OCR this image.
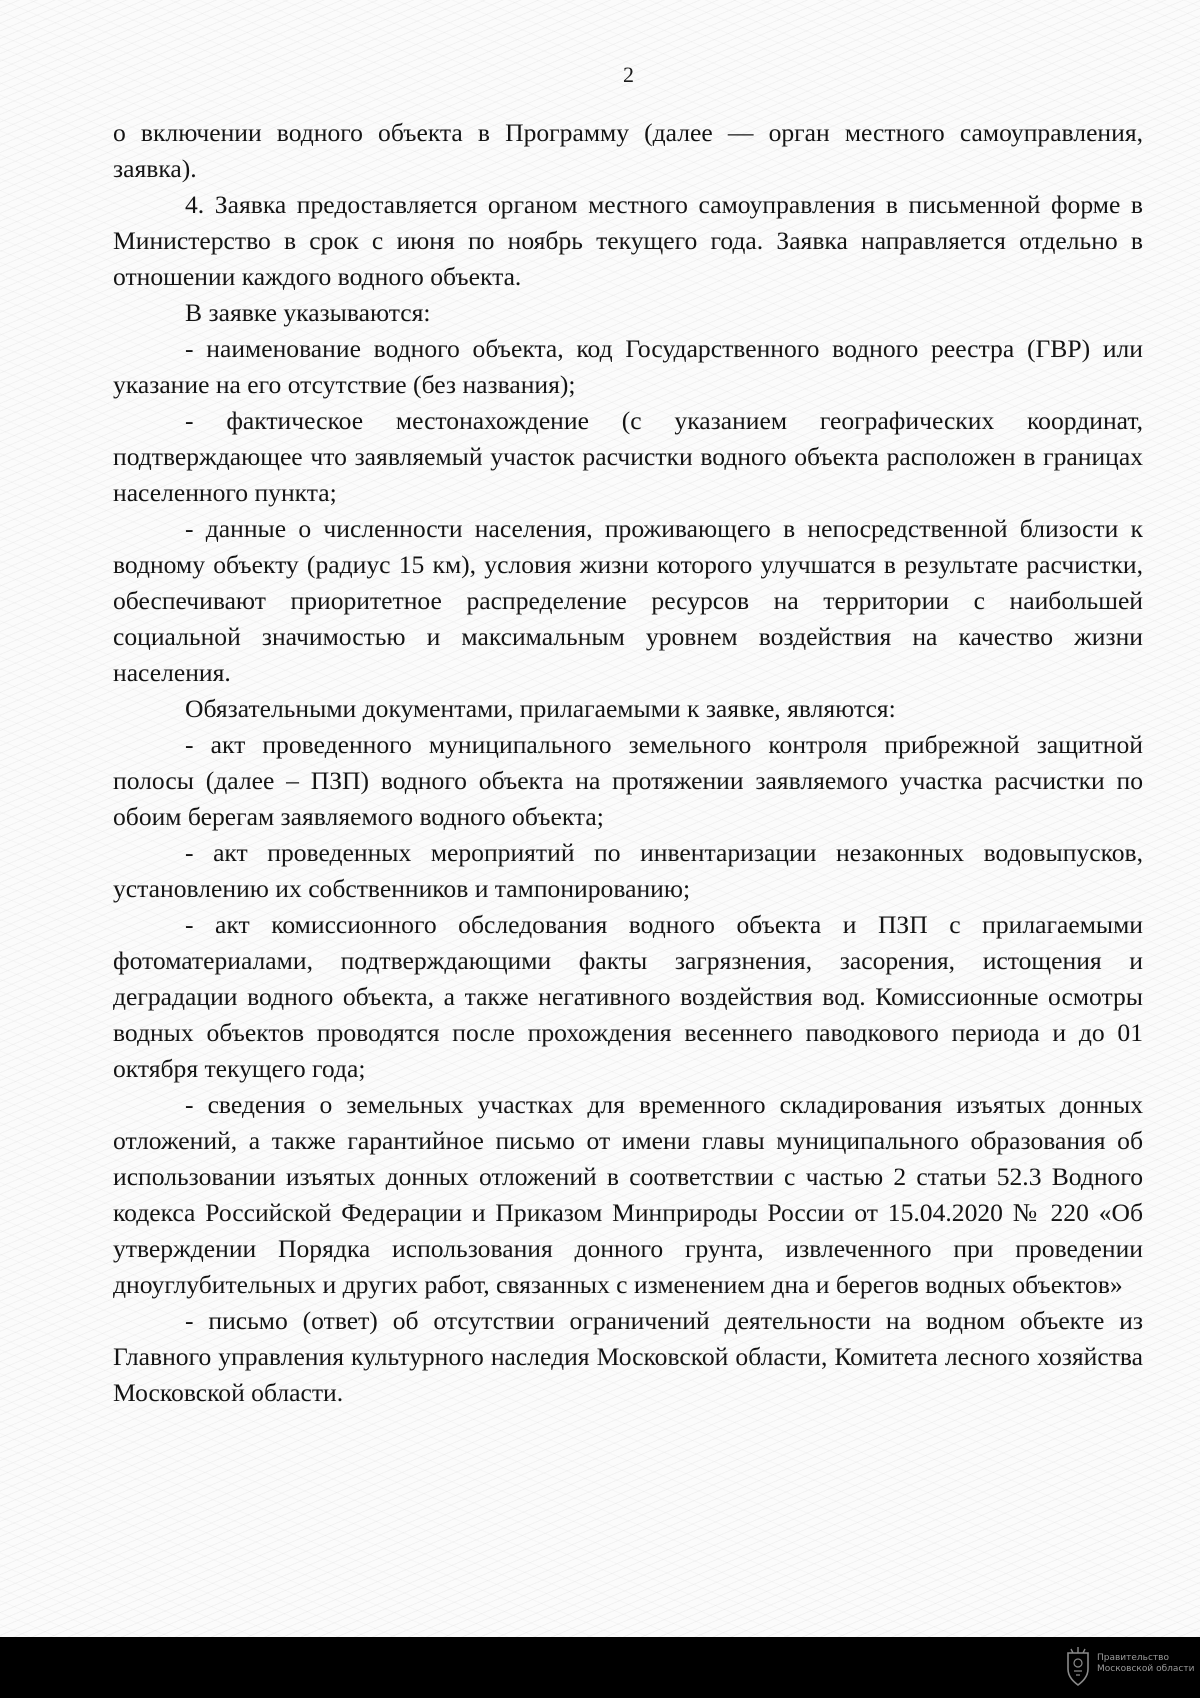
2

о включении водного объекта в Программу (далее — орган местного самоуправления, заявка).

4. Заявка предоставляется органом местного самоуправления в письменной форме в Министерство в срок с июня по ноябрь текущего года. Заявка направляется отдельно в отношении каждого водного объекта.

В заявке указываются:

- наименование водного объекта, код Государственного водного реестра (ГВР) или указание на его отсутствие (без названия);

- фактическое местонахождение (с указанием географических координат, подтверждающее что заявляемый участок расчистки водного объекта расположен в границах населенного пункта;

- данные о численности населения, проживающего в непосредственной близости к водному объекту (радиус 15 км), условия жизни которого улучшатся в результате расчистки, обеспечивают приоритетное распределение ресурсов на территории с наибольшей социальной значимостью и максимальным уровнем воздействия на качество жизни населения.

Обязательными документами, прилагаемыми к заявке, являются:

- акт проведенного муниципального земельного контроля прибрежной защитной полосы (далее – ПЗП) водного объекта на протяжении заявляемого участка расчистки по обоим берегам заявляемого водного объекта;

- акт проведенных мероприятий по инвентаризации незаконных водовыпусков, установлению их собственников и тампонированию;

- акт комиссионного обследования водного объекта и ПЗП с прилагаемыми фотоматериалами, подтверждающими факты загрязнения, засорения, истощения и деградации водного объекта, а также негативного воздействия вод. Комиссионные осмотры водных объектов проводятся после прохождения весеннего паводкового периода и до 01 октября текущего года;

- сведения о земельных участках для временного складирования изъятых донных отложений, а также гарантийное письмо от имени главы муниципального образования об использовании изъятых донных отложений в соответствии с частью 2 статьи 52.3 Водного кодекса Российской Федерации и Приказом Минприроды России от 15.04.2020 № 220 «Об утверждении Порядка использования донного грунта, извлеченного при проведении дноуглубительных и других работ, связанных с изменением дна и берегов водных объектов»

- письмо (ответ) об отсутствии ограничений деятельности на водном объекте из Главного управления культурного наследия Московской области, Комитета лесного хозяйства Московской области.

Правительство
Московской области
